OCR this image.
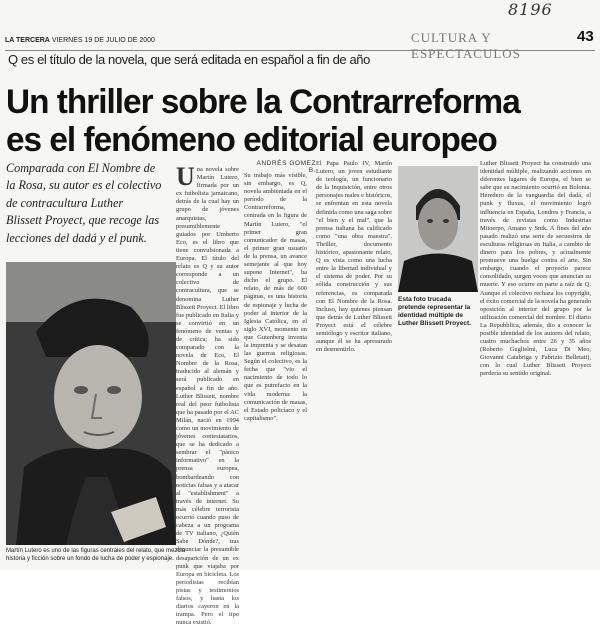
8196
LA TERCERA VIERNES 19 DE JULIO DE 2000	CULTURA Y ESPECTACULOS
43
Q es el título de la novela, que será editada en español a fin de año
Un thriller sobre la Contrarreforma
es el fenómeno editorial europeo
Comparada con El Nombre de la Rosa, su autor es el colectivo de contracultura Luther Blissett Proyect, que recoge las lecciones del dadá y el punk.
Martín Lutero es uno de las figuras centrales del relato, que mezcla historia y ficción sobre un fondo de lucha de poder y espionaje.
ANDRÉS GOMEZ B.
Una novela sobre Martín Lutero, firmada por un ex futbolista jamaicano, detrás de la cual hay un grupo de jóvenes anarquistas, presumiblemente guiados por Umberto Eco, es el libro que tiene convulsionada a Europa. El título del relato es Q y su autor corresponde a un colectivo de contracultura, que se denomina Luther Blissett Proyect. El libro fue publicado en Italia y se convirtió en un fenómeno de ventas y de crítica; ha sido comparado con la novela de Eco, El Nombre de la Rosa, traducido al alemán y será publicado en español a fin de año. Luther Blissett, nombre real del peor futbolista que ha pasado por el AC Milán, nació en 1994 como un movimiento de jóvenes contestatarios, que se ha dedicado a sembrar el "pánico informativo" en la prensa europea, bombardeando con noticias falsas y a atacar al "establishment" a través de internet. Su más célebre terrorista ocurrió cuando puso de cabeza a un programa de TV italiano, ¿Quién Sabe Dónde?, tras denunciar la presumible desaparición de un ex punk que viajaba por Europa en bicicleta. Los periodistas recibían pistas y testimonios falsos, y hasta los diarios cayeron en la trampa. Pero el tipo nunca existió.
Su trabajo más visible, sin embargo, es Q, novela ambientada en el período de la Contrarreforma, centrada en la figura de Martín Lutero, "el primer gran comunicador de masas, el primer gran usuario de la prensa, un avance semejante al que hoy supone Internet", ha dicho el grupo. El relato, de más de 600 páginas, es una historia de espionaje y lucha de poder al interior de la Iglesia Católica, en el siglo XVI, momento en que Gutenberg inventa la imprenta y se desatan las guerras religiosas. Según el colectivo, es la fecha que "vio el nacimiento de todo lo que es putrefacto en la vida moderna: la comunicación de masas, el Estado policíaco y el capitalismo".
El Papa Paulo IV, Martín Lutero, un joven estudiante de teología, un funcionario de la Inquisición, entre otros personajes reales e históricos, se enfrentan en esta novela definida como una saga sobre "el bien y el mal", que la prensa italiana ha calificado como "una obra maestra". Thriller, documento histórico, apasionante relato, Q es vista como una lucha entre la libertad individual y el sistema de poder. Por su sólida construcción y sus referencias, es comparada con El Nombre de la Rosa. Incluso, hay quienes piensan que detrás de Luther Blissett Proyect está el célebre semiólogo y escritor italiano, aunque él se ha apresurado en desmentirlo.
Esta foto trucada pretende representar la identidad múltiple de Luther Blissett Proyect.
Luther Blissett Proyect ha construido una identidad múltiple, realizando acciones en diferentes lugares de Europa, el bien se sabe que su nacimiento ocurrió en Bolonia. Heredero de la vanguardia del dadá, el punk y fluxus, el movimiento logró influencia en España, Londres y Francia, a través de revistas como Industrias Mitoerpo, Amano y Snik. A fines del año pasado realizó una serie de secuestros de esculturas religiosas en Italia, a cambio de dinero para los pobres, y actualmente promueve una huelga contra el arte. Sin embargo, cuando el proyecto parece consolidado, surgen voces que anuncian su muerte. Y eso ocurre en parte a raíz de Q. Aunque el colectivo rechaza los copyright, el éxito comercial de la novela ha generado oposición al interior del grupo por la utilización comercial del nombre. El diario La Repubblica, además, dio a conocer la posible identidad de los autores del relato, cuatro muchachos entre 26 y 35 años (Roberto Guglielmi, Luca Di Meo, Giovanni Catabriga y Fabrizio Belletati), con lo cual Luther Blissett Proyect perdería su sentido original.
